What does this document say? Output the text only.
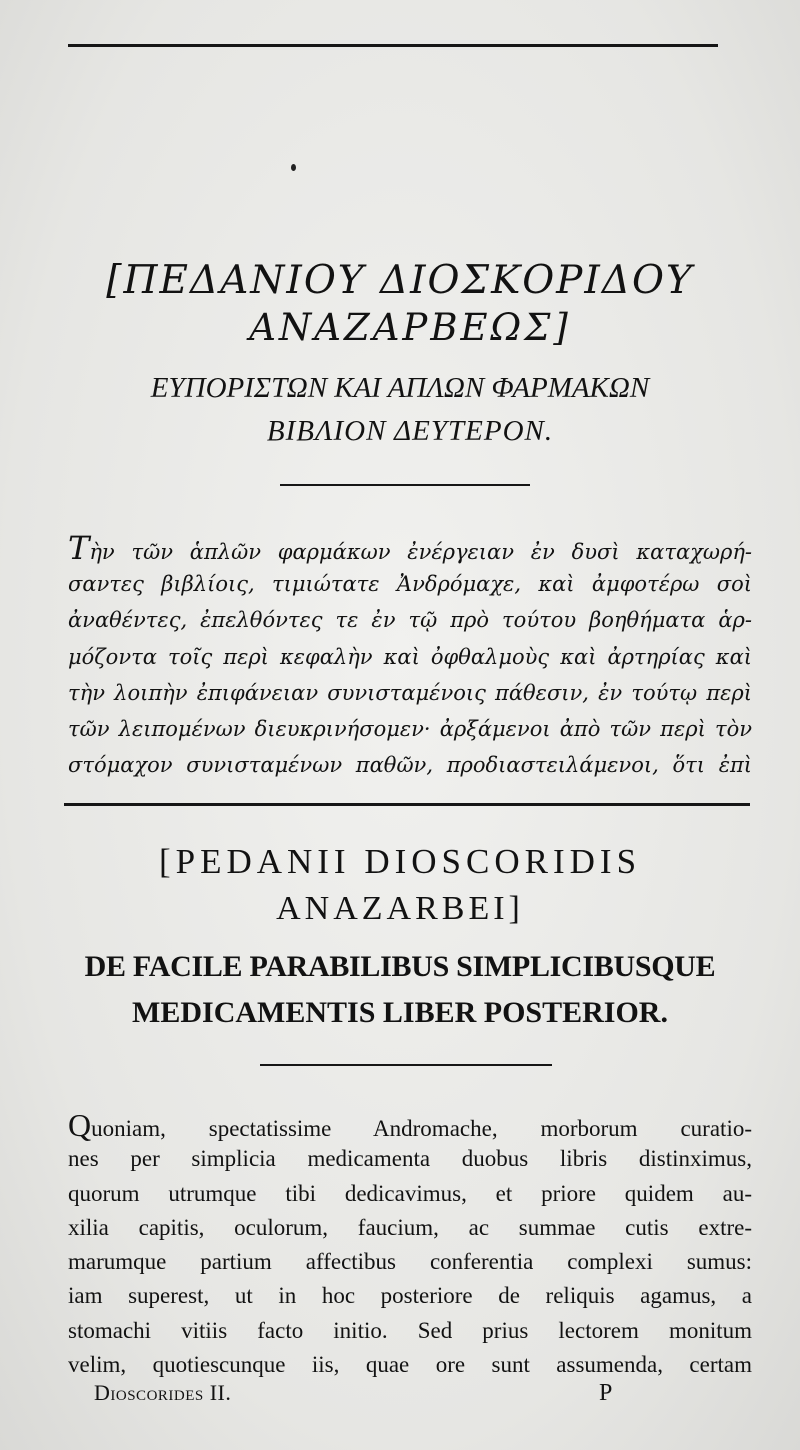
[ΠΕΔΑΝΙΟΥ ΔΙΟΣΚΟΡΙΔΟΥ
ΑΝΑΖΑΡΒΕΩΣ]
ΕΥΠΟΡΙΣΤΩΝ ΚΑΙ ΑΠΛΩΝ ΦΑΡΜΑΚΩΝ
ΒΙΒΛΙΟΝ ΔΕΥΤΕΡΟΝ.
Τὴν τῶν ἁπλῶν φαρμάκων ἐνέργειαν ἐν δυσὶ καταχωρή-
σαντες βιβλίοις, τιμιώτατε Ἀνδρόμαχε, καὶ ἀμφοτέρω σοὶ
ἀναθέντες, ἐπελθόντες τε ἐν τῷ πρὸ τούτου βοηθήματα ἁρ-
μόζοντα τοῖς περὶ κεφαλὴν καὶ ὀφθαλμοὺς καὶ ἀρτηρίας καὶ
τὴν λοιπὴν ἐπιφάνειαν συνισταμένοις πάθεσιν, ἐν τούτῳ περὶ
τῶν λειπομένων διευκρινήσομεν· ἀρξάμενοι ἀπὸ τῶν περὶ τὸν
στόμαχον συνισταμένων παθῶν, προδιαστειλάμενοι, ὅτι ἐπὶ
[PEDANII DIOSCORIDIS
ANAZARBEI]
DE FACILE PARABILIBUS SIMPLICIBUSQUE
MEDICAMENTIS LIBER POSTERIOR.
Quoniam, spectatissime Andromache, morborum curatio-
nes per simplicia medicamenta duobus libris distinximus,
quorum utrumque tibi dedicavimus, et priore quidem au-
xilia capitis, oculorum, faucium, ac summae cutis extre-
marumque partium affectibus conferentia complexi sumus:
iam superest, ut in hoc posteriore de reliquis agamus, a
stomachi vitiis facto initio. Sed prius lectorem monitum
velim, quotiescunque iis, quae ore sunt assumenda, certam
Dioscorides II.	P
